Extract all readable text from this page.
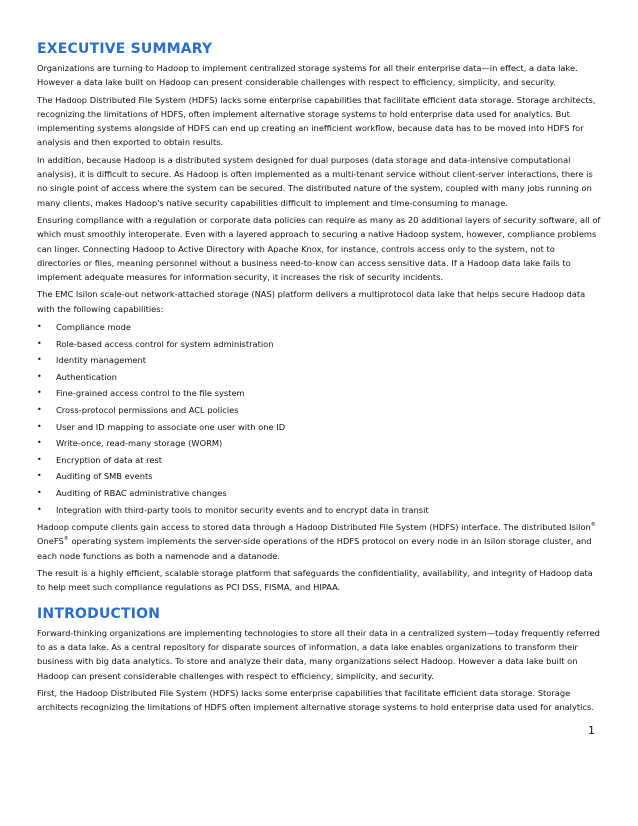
EXECUTIVE SUMMARY

Organizations are turning to Hadoop to implement centralized storage systems for all their enterprise data—in effect, a data lake. However a data lake built on Hadoop can present considerable challenges with respect to efficiency, simplicity, and security.

The Hadoop Distributed File System (HDFS) lacks some enterprise capabilities that facilitate efficient data storage. Storage architects, recognizing the limitations of HDFS, often implement alternative storage systems to hold enterprise data used for analytics. But implementing systems alongside of HDFS can end up creating an inefficient workflow, because data has to be moved into HDFS for analysis and then exported to obtain results.

In addition, because Hadoop is a distributed system designed for dual purposes (data storage and data-intensive computational analysis), it is difficult to secure. As Hadoop is often implemented as a multi-tenant service without client-server interactions, there is no single point of access where the system can be secured. The distributed nature of the system, coupled with many jobs running on many clients, makes Hadoop's native security capabilities difficult to implement and time-consuming to manage.

Ensuring compliance with a regulation or corporate data policies can require as many as 20 additional layers of security software, all of which must smoothly interoperate. Even with a layered approach to securing a native Hadoop system, however, compliance problems can linger. Connecting Hadoop to Active Directory with Apache Knox, for instance, controls access only to the system, not to directories or files, meaning personnel without a business need-to-know can access sensitive data. If a Hadoop data lake fails to implement adequate measures for information security, it increases the risk of security incidents.

The EMC Isilon scale-out network-attached storage (NAS) platform delivers a multiprotocol data lake that helps secure Hadoop data with the following capabilities:

• Compliance mode
• Role-based access control for system administration
• Identity management
• Authentication
• Fine-grained access control to the file system
• Cross-protocol permissions and ACL policies
• User and ID mapping to associate one user with one ID
• Write-once, read-many storage (WORM)
• Encryption of data at rest
• Auditing of SMB events
• Auditing of RBAC administrative changes
• Integration with third-party tools to monitor security events and to encrypt data in transit

Hadoop compute clients gain access to stored data through a Hadoop Distributed File System (HDFS) interface. The distributed Isilon® OneFS® operating system implements the server-side operations of the HDFS protocol on every node in an Isilon storage cluster, and each node functions as both a namenode and a datanode.

The result is a highly efficient, scalable storage platform that safeguards the confidentiality, availability, and integrity of Hadoop data to help meet such compliance regulations as PCI DSS, FISMA, and HIPAA.

INTRODUCTION

Forward-thinking organizations are implementing technologies to store all their data in a centralized system—today frequently referred to as a data lake. As a central repository for disparate sources of information, a data lake enables organizations to transform their business with big data analytics. To store and analyze their data, many organizations select Hadoop. However a data lake built on Hadoop can present considerable challenges with respect to efficiency, simplicity, and security.

First, the Hadoop Distributed File System (HDFS) lacks some enterprise capabilities that facilitate efficient data storage. Storage architects recognizing the limitations of HDFS often implement alternative storage systems to hold enterprise data used for analytics.

1
